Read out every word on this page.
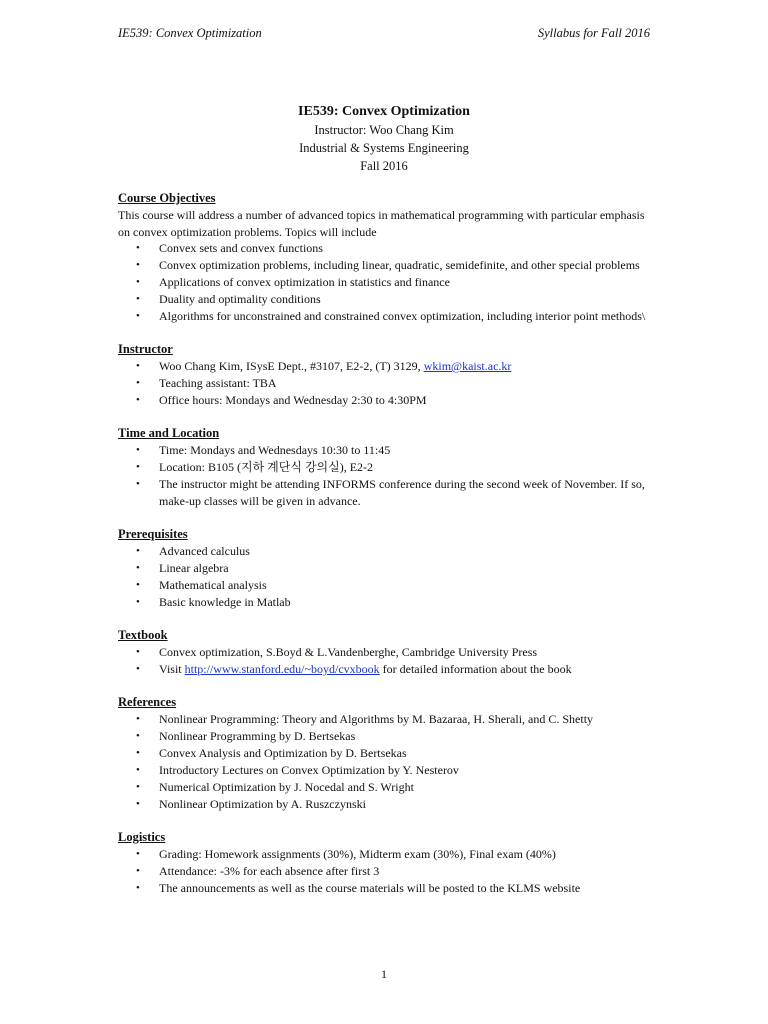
IE539: Convex Optimization	Syllabus for Fall 2016
IE539: Convex Optimization
Instructor: Woo Chang Kim
Industrial & Systems Engineering
Fall 2016
Course Objectives
This course will address a number of advanced topics in mathematical programming with particular emphasis on convex optimization problems. Topics will include
• Convex sets and convex functions
• Convex optimization problems, including linear, quadratic, semidefinite, and other special problems
• Applications of convex optimization in statistics and finance
• Duality and optimality conditions
• Algorithms for unconstrained and constrained convex optimization, including interior point methods\
Instructor
• Woo Chang Kim, ISysE Dept., #3107, E2-2, (T) 3129, wkim@kaist.ac.kr
• Teaching assistant: TBA
• Office hours: Mondays and Wednesday 2:30 to 4:30PM
Time and Location
• Time: Mondays and Wednesdays 10:30 to 11:45
• Location: B105 (지하 계단식 강의실), E2-2
• The instructor might be attending INFORMS conference during the second week of November. If so, make-up classes will be given in advance.
Prerequisites
• Advanced calculus
• Linear algebra
• Mathematical analysis
• Basic knowledge in Matlab
Textbook
• Convex optimization, S.Boyd & L.Vandenberghe, Cambridge University Press
• Visit http://www.stanford.edu/~boyd/cvxbook for detailed information about the book
References
• Nonlinear Programming: Theory and Algorithms by M. Bazaraa, H. Sherali, and C. Shetty
• Nonlinear Programming by D. Bertsekas
• Convex Analysis and Optimization by D. Bertsekas
• Introductory Lectures on Convex Optimization by Y. Nesterov
• Numerical Optimization by J. Nocedal and S. Wright
• Nonlinear Optimization by A. Ruszczynski
Logistics
• Grading: Homework assignments (30%), Midterm exam (30%), Final exam (40%)
• Attendance: -3% for each absence after first 3
• The announcements as well as the course materials will be posted to the KLMS website
1
